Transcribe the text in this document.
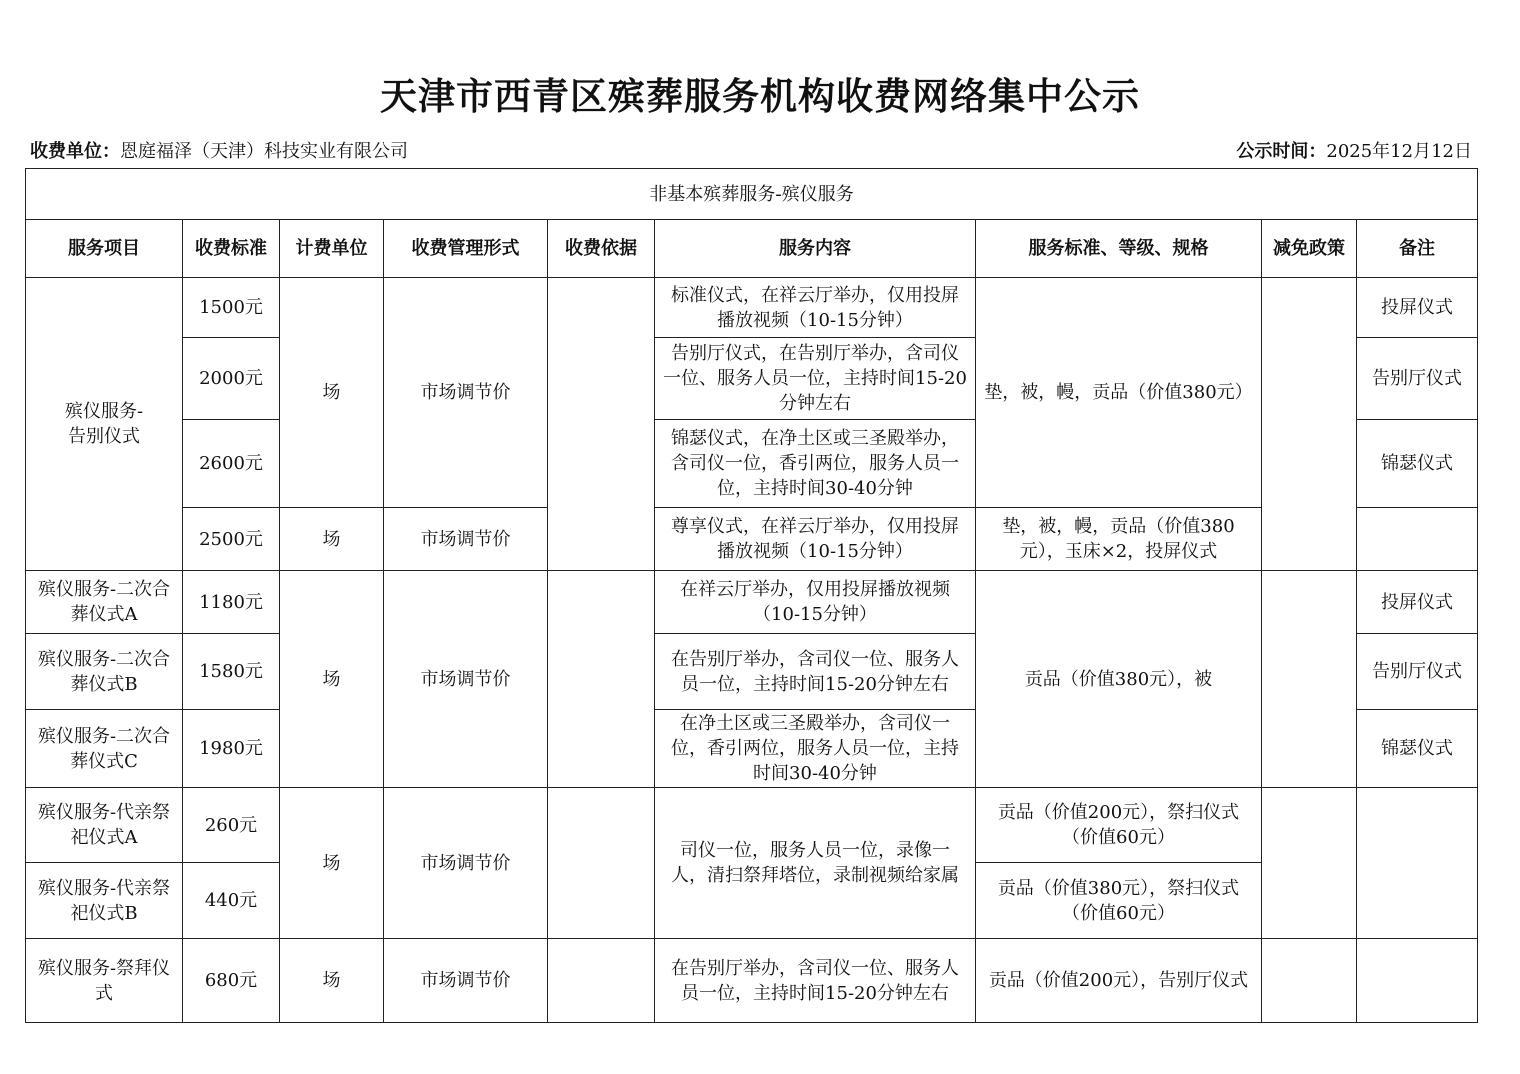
天津市西青区殡葬服务机构收费网络集中公示
收费单位：恩庭福泽（天津）科技实业有限公司	公示时间：2025年12月12日
非基本殡葬服务-殡仪服务								
服务项目	收费标准	计费单位	收费管理形式	收费依据	服务内容	服务标准、等级、规格	减免政策	备注
殡仪服务-告别仪式	1500元	场	市场调节价		标准仪式，在祥云厅举办，仅用投屏播放视频（10-15分钟）	垫，被，幔，贡品（价值380元）		投屏仪式
	2000元				告别厅仪式，在告别厅举办，含司仪一位、服务人员一位，主持时间15-20分钟左右			告别厅仪式
	2600元				锦瑟仪式，在净土区或三圣殿举办，含司仪一位，香引两位，服务人员一位，主持时间30-40分钟			锦瑟仪式
	2500元	场	市场调节价		尊享仪式，在祥云厅举办，仅用投屏播放视频（10-15分钟）	垫，被，幔，贡品（价值380元），玉床×2，投屏仪式		
殡仪服务-二次合葬仪式A	1180元	场	市场调节价		在祥云厅举办，仅用投屏播放视频（10-15分钟）	贡品（价值380元），被		投屏仪式
殡仪服务-二次合葬仪式B	1580元				在告别厅举办，含司仪一位、服务人员一位，主持时间15-20分钟左右			告别厅仪式
殡仪服务-二次合葬仪式C	1980元				在净土区或三圣殿举办，含司仪一位，香引两位，服务人员一位，主持时间30-40分钟			锦瑟仪式
殡仪服务-代亲祭祀仪式A	260元	场	市场调节价		司仪一位，服务人员一位，录像一人，清扫祭拜塔位，录制视频给家属	贡品（价值200元），祭扫仪式（价值60元）		
殡仪服务-代亲祭祀仪式B	440元					贡品（价值380元），祭扫仪式（价值60元）		
殡仪服务-祭拜仪式	680元	场	市场调节价		在告别厅举办，含司仪一位、服务人员一位，主持时间15-20分钟左右	贡品（价值200元），告别厅仪式		
